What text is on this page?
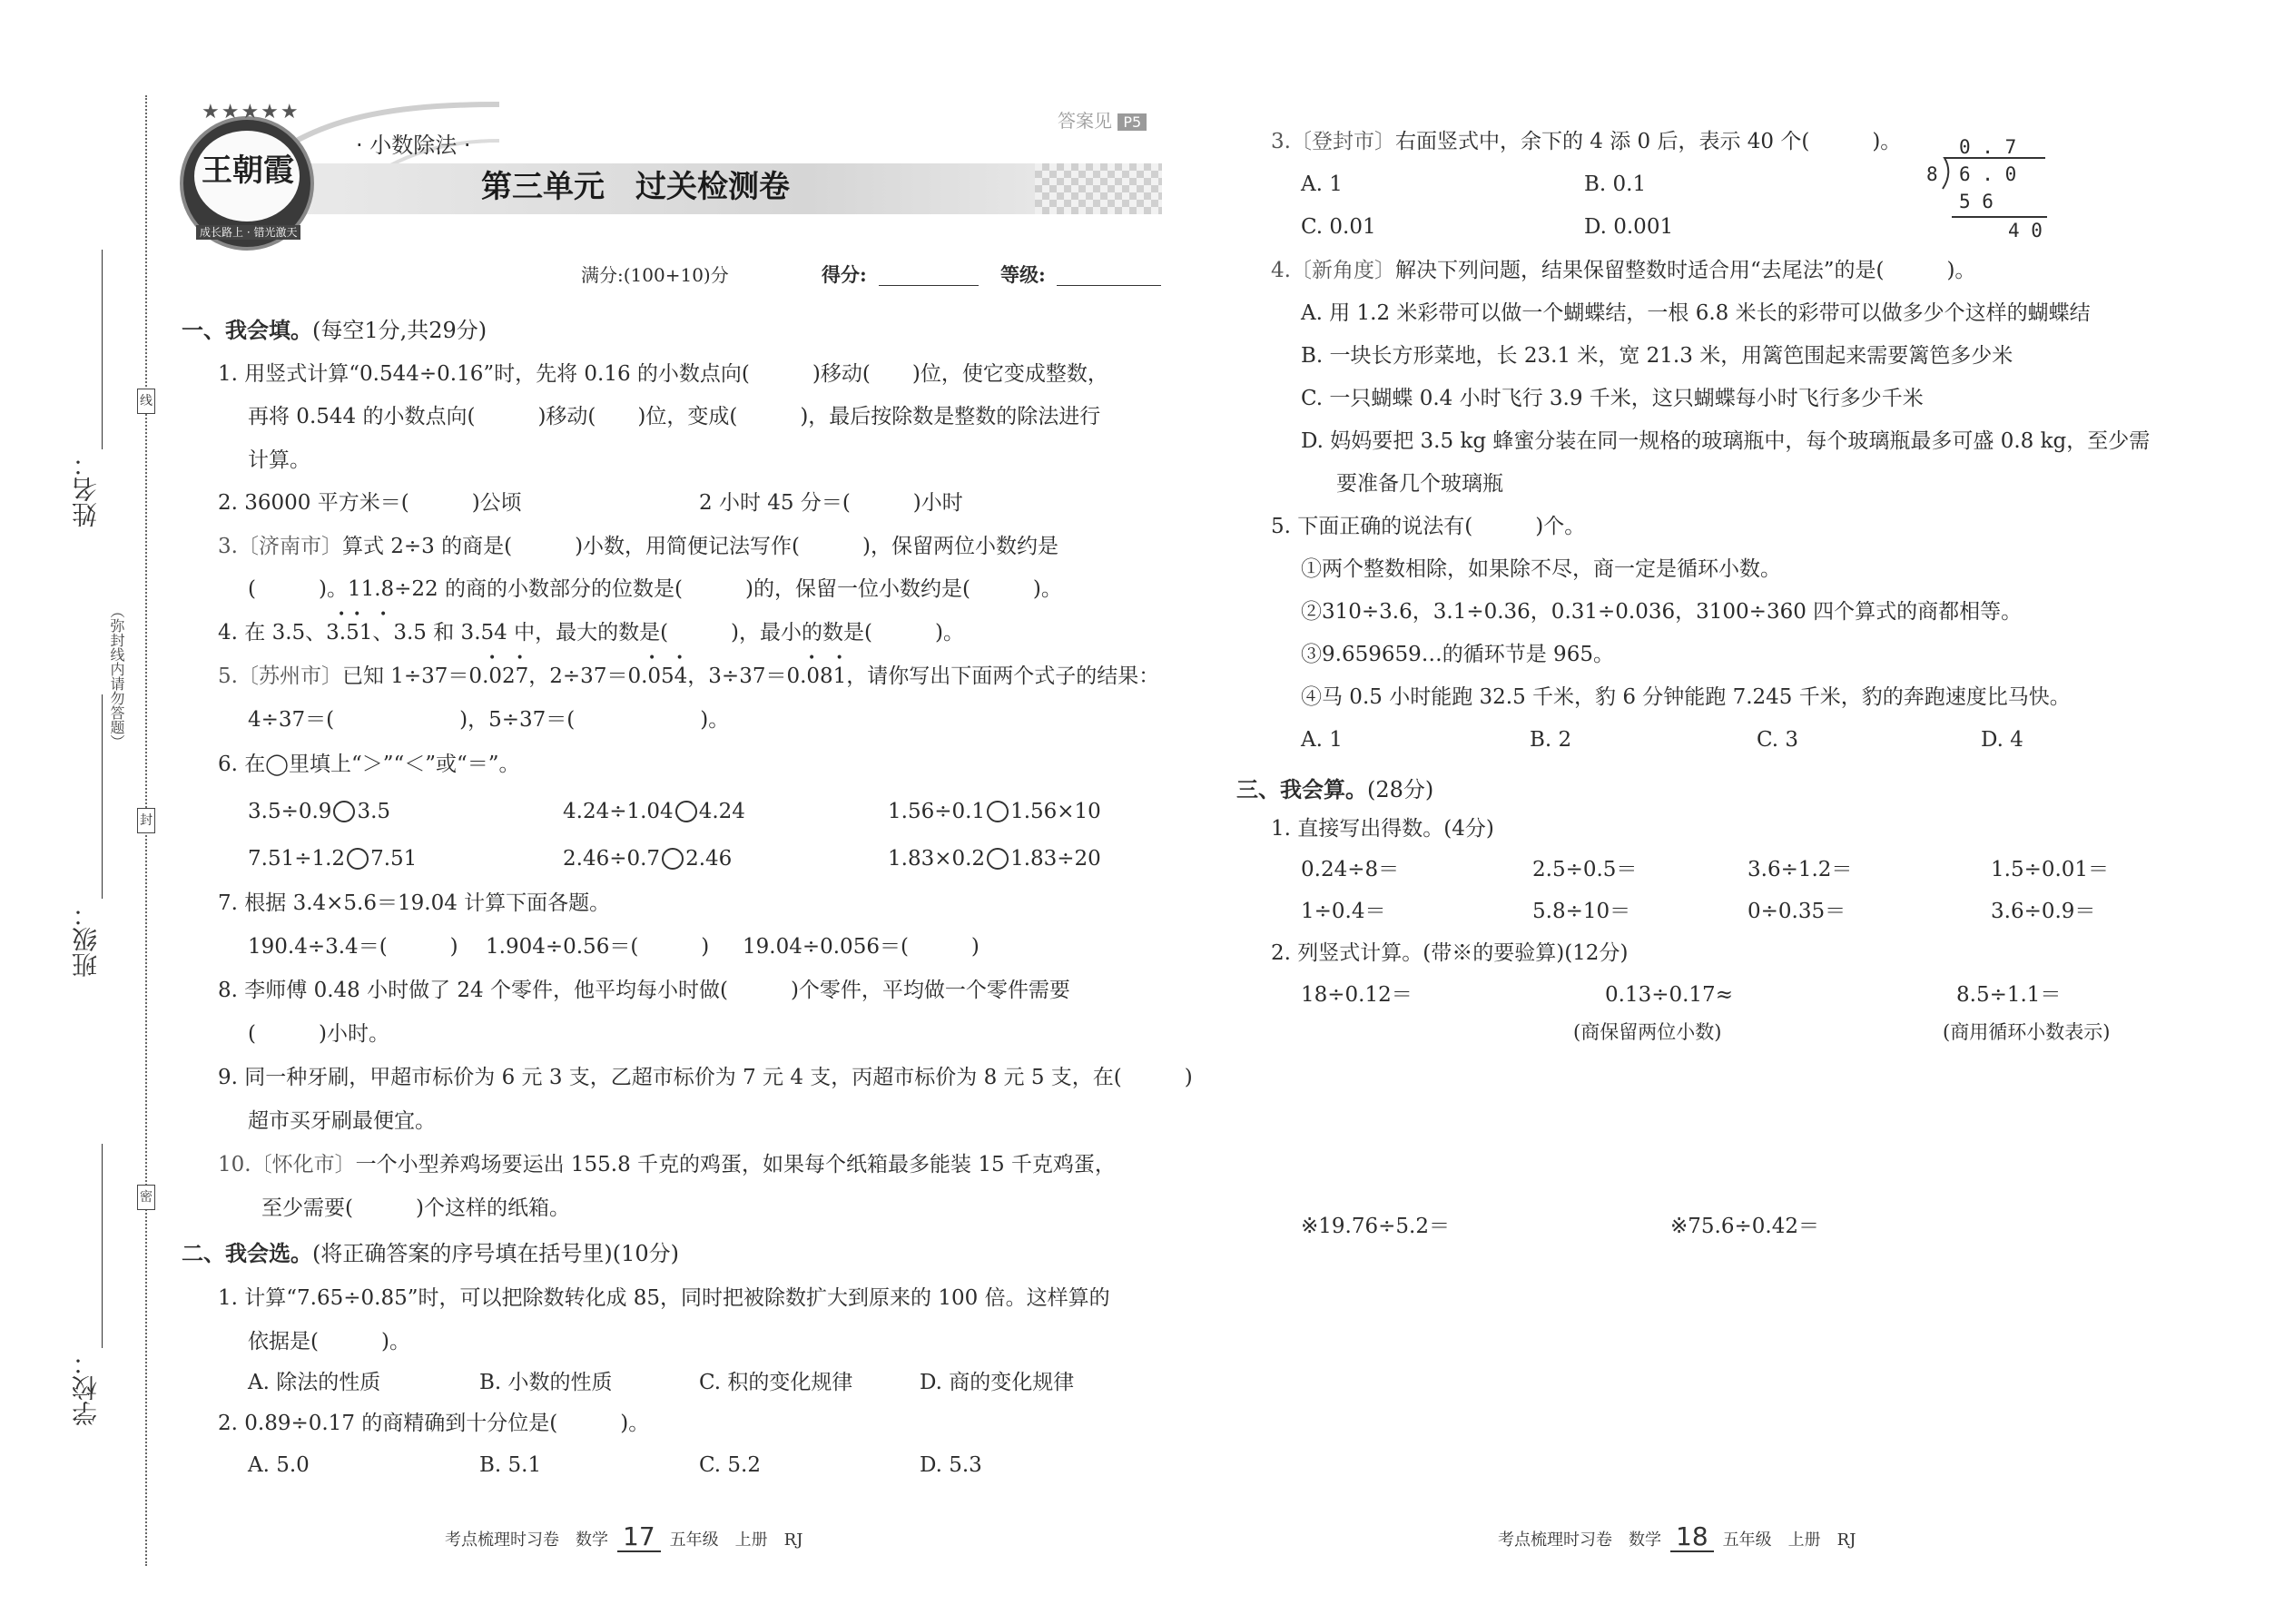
线
封
密
（弥封线内请勿答题）
姓名：
班级：
学校：
★★★★★
王朝霞
成长路上 · 错光激天
答案见 P5
· 小数除法 ·
第三单元　过关检测卷
满分:(100+10)分	得分:	等级:
一、我会填。(每空1分,共29分)
1. 用竖式计算“0.544÷0.16”时，先将 0.16 的小数点向(　　　)移动(　　)位，使它变成整数，
再将 0.544 的小数点向(　　　)移动(　　)位，变成(　　　)，最后按除数是整数的除法进行
计算。
2. 36000 平方米＝(　　　)公顷	2 小时 45 分＝(　　　)小时
3.〔济南市〕算式 2÷3 的商是(　　　)小数，用简便记法写作(　　　)，保留两位小数约是
(　　　)。11.8÷22 的商的小数部分的位数是(　　　)的，保留一位小数约是(　　　)。
4. 在 3.5、3.51、3.5 和 3.54 中，最大的数是(　　　)，最小的数是(　　　)。
•  • •
5.〔苏州市〕已知 1÷37＝0.027，2÷37＝0.054，3÷37＝0.081，请你写出下面两个式子的结果：
•     •	•     •	•     •
4÷37＝(　　　　　　)，5÷37＝(　　　　　　)。
6. 在◯里填上“＞”“＜”或“＝”。
3.5÷0.9 3.5	4.24÷1.04 4.24	1.56÷0.1 1.56×10
7.51÷1.2 7.51	2.46÷0.7 2.46	1.83×0.2 1.83÷20
7. 根据 3.4×5.6＝19.04 计算下面各题。
190.4÷3.4＝(　　　) 1.904÷0.56＝(　　　) 19.04÷0.056＝(　　　)
8. 李师傅 0.48 小时做了 24 个零件，他平均每小时做(　　　)个零件，平均做一个零件需要
(　　　)小时。
9. 同一种牙刷，甲超市标价为 6 元 3 支，乙超市标价为 7 元 4 支，丙超市标价为 8 元 5 支，在(　　　)
超市买牙刷最便宜。
10.〔怀化市〕一个小型养鸡场要运出 155.8 千克的鸡蛋，如果每个纸箱最多能装 15 千克鸡蛋，
至少需要(　　　)个这样的纸箱。
二、我会选。(将正确答案的序号填在括号里)(10分)
1. 计算“7.65÷0.85”时，可以把除数转化成 85，同时把被除数扩大到原来的 100 倍。这样算的
依据是(　　　)。
A. 除法的性质	B. 小数的性质	C. 积的变化规律	D. 商的变化规律
2. 0.89÷0.17 的商精确到十分位是(　　　)。
A. 5.0	B. 5.1	C. 5.2	D. 5.3
3.〔登封市〕右面竖式中，余下的 4 添 0 后，表示 40 个(　　　)。
A. 1	B. 0.1
C. 0.01	D. 0.001
0 . 7
8 6 . 0
5 6
4 0
4.〔新角度〕解决下列问题，结果保留整数时适合用“去尾法”的是(　　　)。
A. 用 1.2 米彩带可以做一个蝴蝶结，一根 6.8 米长的彩带可以做多少个这样的蝴蝶结
B. 一块长方形菜地，长 23.1 米，宽 21.3 米，用篱笆围起来需要篱笆多少米
C. 一只蝴蝶 0.4 小时飞行 3.9 千米，这只蝴蝶每小时飞行多少千米
D. 妈妈要把 3.5 kg 蜂蜜分装在同一规格的玻璃瓶中，每个玻璃瓶最多可盛 0.8 kg，至少需
要准备几个玻璃瓶
5. 下面正确的说法有(　　　)个。
①两个整数相除，如果除不尽，商一定是循环小数。
②310÷3.6，3.1÷0.36，0.31÷0.036，3100÷360 四个算式的商都相等。
③9.659659…的循环节是 965。
④马 0.5 小时能跑 32.5 千米，豹 6 分钟能跑 7.245 千米，豹的奔跑速度比马快。
A. 1	B. 2	C. 3	D. 4
三、我会算。(28分)
1. 直接写出得数。(4分)
0.24÷8＝	2.5÷0.5＝	3.6÷1.2＝	1.5÷0.01＝
1÷0.4＝	5.8÷10＝	0÷0.35＝	3.6÷0.9＝
2. 列竖式计算。(带※的要验算)(12分)
18÷0.12＝	0.13÷0.17≈	8.5÷1.1＝
(商保留两位小数)	(商用循环小数表示)
※19.76÷5.2＝	※75.6÷0.42＝
考点梳理时习卷　数学 17 五年级　上册　RJ	考点梳理时习卷　数学 18 五年级　上册　RJ
